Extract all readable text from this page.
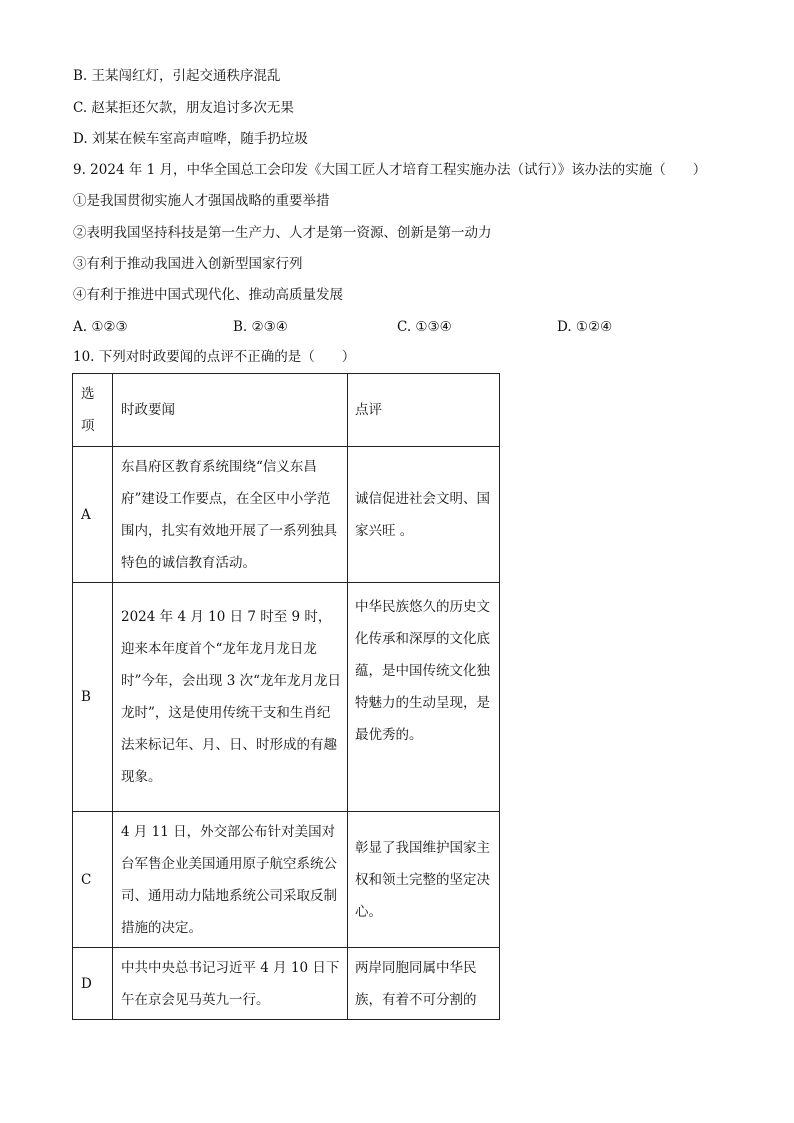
B. 王某闯红灯，引起交通秩序混乱
C. 赵某拒还欠款，朋友追讨多次无果
D. 刘某在候车室高声喧哗，随手扔垃圾
9. 2024 年 1 月，中华全国总工会印发《大国工匠人才培育工程实施办法（试行）》该办法的实施（　　）
①是我国贯彻实施人才强国战略的重要举措
②表明我国坚持科技是第一生产力、人才是第一资源、创新是第一动力
③有利于推动我国进入创新型国家行列
④有利于推进中国式现代化、推动高质量发展
A. ①②③	B. ②③④	C. ①③④	D. ①②④
10. 下列对时政要闻的点评不正确的是（　　）
选项	时政要闻	点评
A	东昌府区教育系统围绕“信义东昌府”建设工作要点，在全区中小学范围内，扎实有效地开展了一系列独具特色的诚信教育活动。	诚信促进社会文明、国家兴旺 。
B	2024 年 4 月 10 日 7 时至 9 时，迎来本年度首个“龙年龙月龙日龙时”今年，会出现 3 次“龙年龙月龙日龙时”，这是使用传统干支和生肖纪法来标记年、月、日、时形成的有趣现象。	中华民族悠久的历史文化传承和深厚的文化底蕴，是中国传统文化独特魅力的生动呈现，是最优秀的。
C	4 月 11 日，外交部公布针对美国对台军售企业美国通用原子航空系统公司、通用动力陆地系统公司采取反制措施的决定。	彰显了我国维护国家主权和领土完整的坚定决心。
D	中共中央总书记习近平 4 月 10 日下午在京会见马英九一行。	两岸同胞同属中华民族，有着不可分割的
